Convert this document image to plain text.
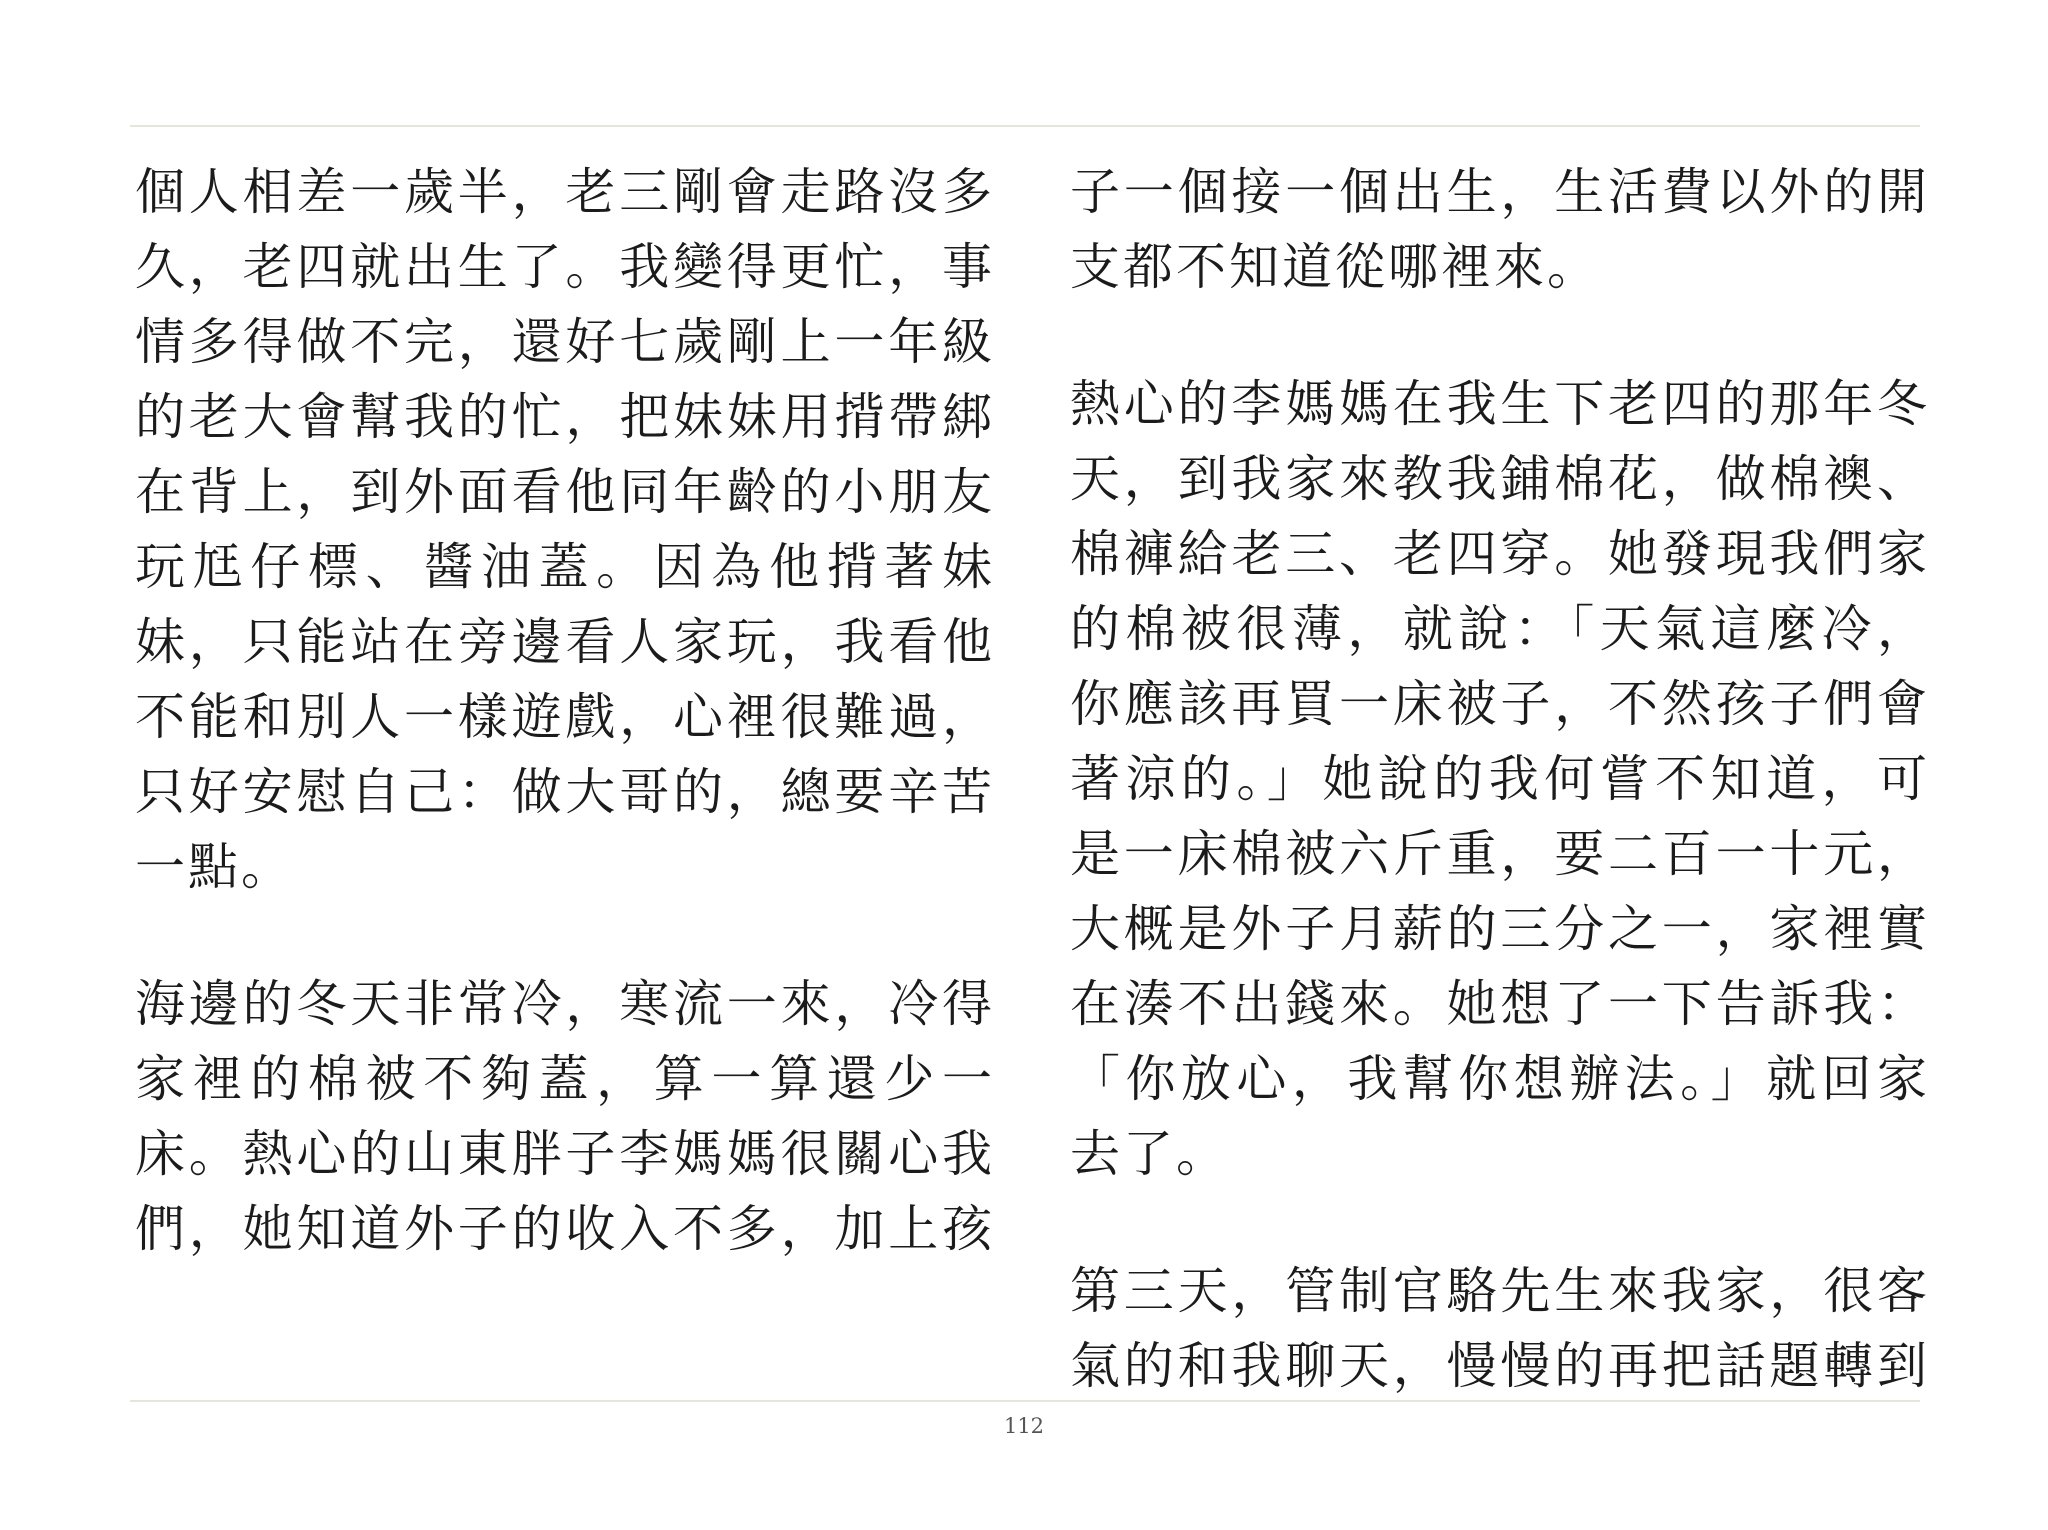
個人相差一歲半，老三剛會走路沒多
久，老四就出生了。我變得更忙，事
情多得做不完，還好七歲剛上一年級
的老大會幫我的忙，把妹妹用揹帶綁
在背上，到外面看他同年齡的小朋友
玩尪仔標、醬油蓋。因為他揹著妹
妹，只能站在旁邊看人家玩，我看他
不能和別人一樣遊戲，心裡很難過，
只好安慰自己：做大哥的，總要辛苦
一點。

海邊的冬天非常冷，寒流一來，冷得
家裡的棉被不夠蓋，算一算還少一
床。熱心的山東胖子李媽媽很關心我
們，她知道外子的收入不多，加上孩

子一個接一個出生，生活費以外的開
支都不知道從哪裡來。

熱心的李媽媽在我生下老四的那年冬
天，到我家來教我鋪棉花，做棉襖、
棉褲給老三、老四穿。她發現我們家
的棉被很薄，就說：「天氣這麼冷，
你應該再買一床被子，不然孩子們會
著涼的。」她說的我何嘗不知道，可
是一床棉被六斤重，要二百一十元，
大概是外子月薪的三分之一，家裡實
在湊不出錢來。她想了一下告訴我：
「你放心，我幫你想辦法。」就回家
去了。

第三天，管制官駱先生來我家，很客
氣的和我聊天，慢慢的再把話題轉到

112
